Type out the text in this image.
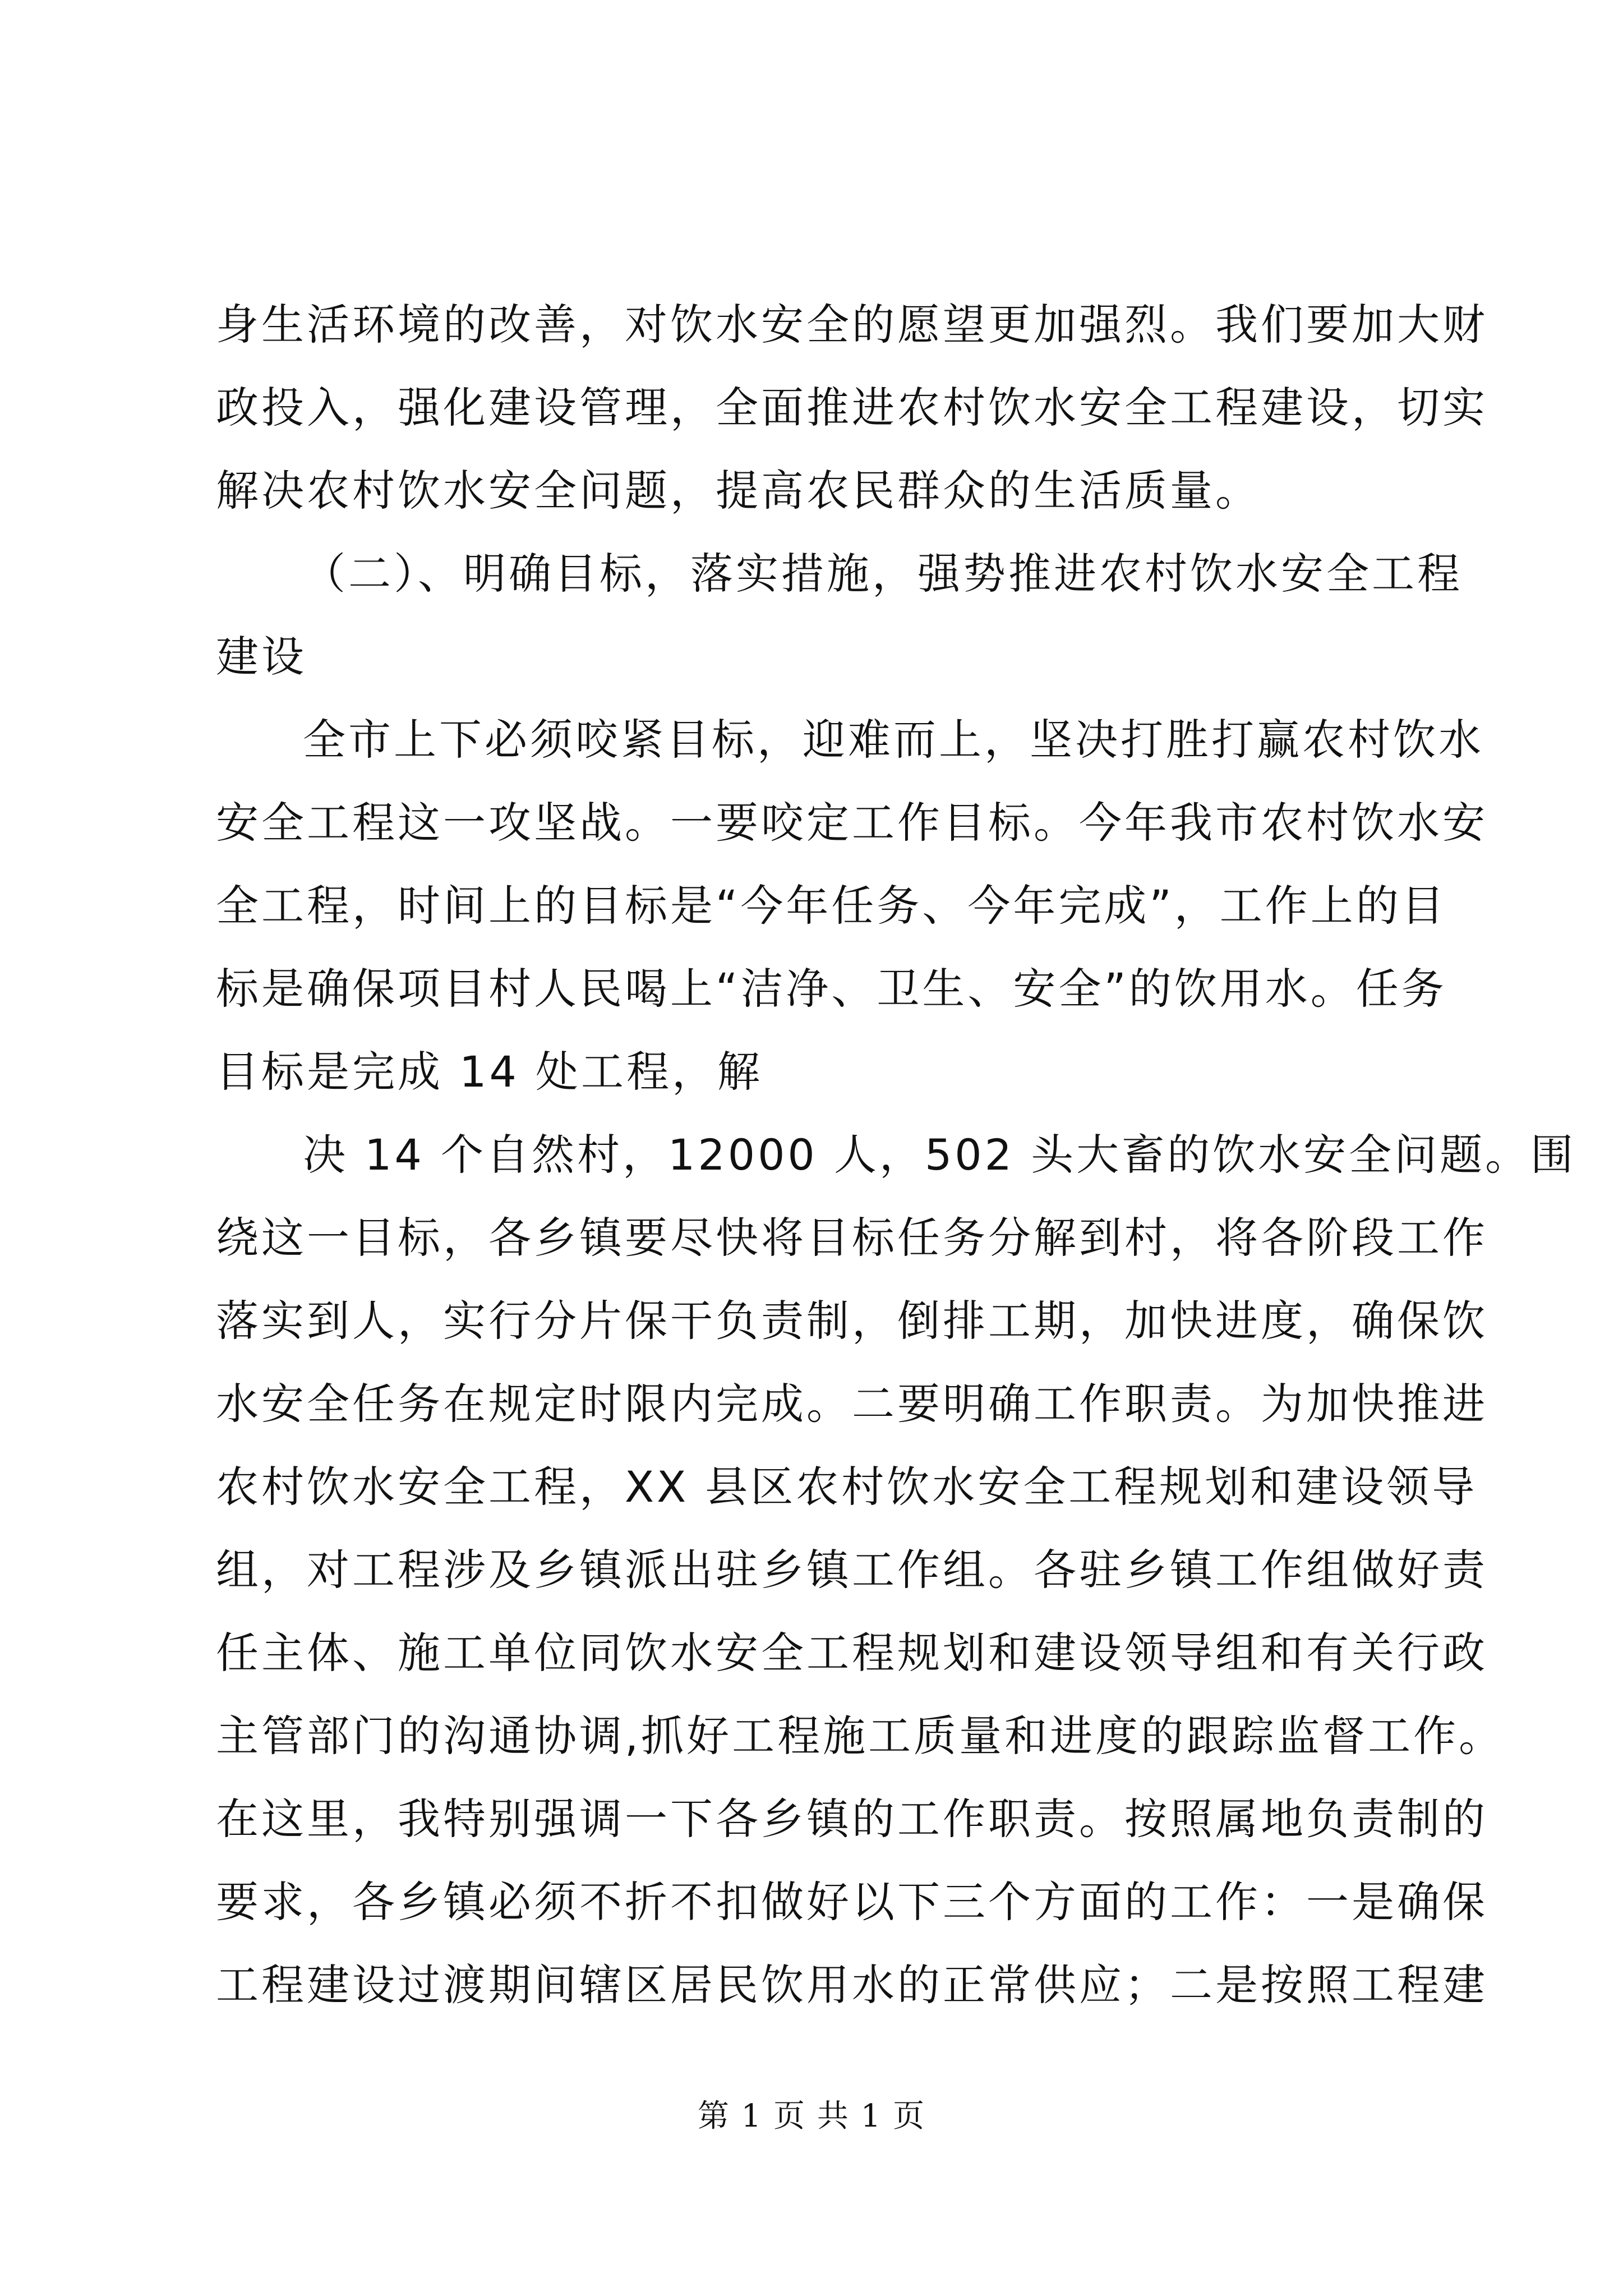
身生活环境的改善，对饮水安全的愿望更加强烈。我们要加大财
政投入，强化建设管理，全面推进农村饮水安全工程建设，切实
解决农村饮水安全问题，提高农民群众的生活质量。
（二）、明确目标，落实措施，强势推进农村饮水安全工程
建设
全市上下必须咬紧目标，迎难而上，坚决打胜打赢农村饮水
安全工程这一攻坚战。一要咬定工作目标。今年我市农村饮水安
全工程，时间上的目标是“今年任务、今年完成”，工作上的目
标是确保项目村人民喝上“洁净、卫生、安全”的饮用水。任务
目标是完成 14 处工程，解
决 14 个自然村，12000 人，502 头大畜的饮水安全问题。围
绕这一目标，各乡镇要尽快将目标任务分解到村，将各阶段工作
落实到人，实行分片保干负责制，倒排工期，加快进度，确保饮
水安全任务在规定时限内完成。二要明确工作职责。为加快推进
农村饮水安全工程，XX 县区农村饮水安全工程规划和建设领导
组，对工程涉及乡镇派出驻乡镇工作组。各驻乡镇工作组做好责
任主体、施工单位同饮水安全工程规划和建设领导组和有关行政
主管部门的沟通协调,抓好工程施工质量和进度的跟踪监督工作。
在这里，我特别强调一下各乡镇的工作职责。按照属地负责制的
要求，各乡镇必须不折不扣做好以下三个方面的工作：一是确保
工程建设过渡期间辖区居民饮用水的正常供应；二是按照工程建
第 1 页 共 1 页
